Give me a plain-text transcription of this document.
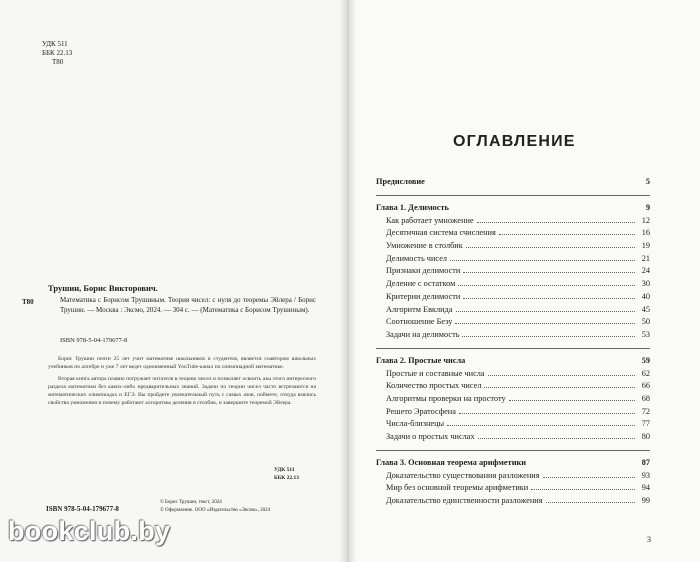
УДК 511
ББК 22.13
Т80
Трушин, Борис Викторович.
Т80	Математика с Борисом Трушиным. Теория чисел: с нуля до теоремы Эйлера / Борис Трушин. — Москва : Эксмо, 2024. — 304 с. — (Математика с Борисом Трушиным).
ISBN 978-5-04-179677-8

Борис Трушин почти 25 лет учит математике школьников и студентов, является соавтором школьных учебников по алгебре и уже 7 лет ведет одноименный YouTube-канал по олимпиадной математике.

Вторая книга автора плавно погружает читателя в теорию чисел и позволяет освоить азы этого интересного раздела математики без каких-либо предварительных знаний. Задачи по теории чисел часто встречаются на математических олимпиадах и ЕГЭ. Вы пройдете увлекательный путь с самых азов, поймете, откуда взялись свойства умножения и почему работают алгоритмы деления в столбик, и завершите теоремой Эйлера.

УДК 511
ББК 22.13
© Борис Трушин, текст, 2024
© Оформление. ООО «Издательство «Эксмо», 2024
ISBN 978-5-04-179677-8
ОГЛАВЛЕНИЕ
Предисловие	5
Глава 1. Делимость	9
Как работает умножение	12
Десятичная система счисления	16
Умножение в столбик	19
Делимость чисел	21
Признаки делимости	24
Деление с остатком	30
Критерии делимости	40
Алгоритм Евклида	45
Соотношение Безу	50
Задачи на делимость	53
Глава 2. Простые числа	59
Простые и составные числа	62
Количество простых чисел	66
Алгоритмы проверки на простоту	68
Решето Эратосфена	72
Числа-близнецы	77
Задачи о простых числах	80
Глава 3. Основная теорема арифметики	87
Доказательство существования разложения	93
Мир без основной теоремы арифметики	94
Доказательство единственности разложения	99
3
bookclub.by
